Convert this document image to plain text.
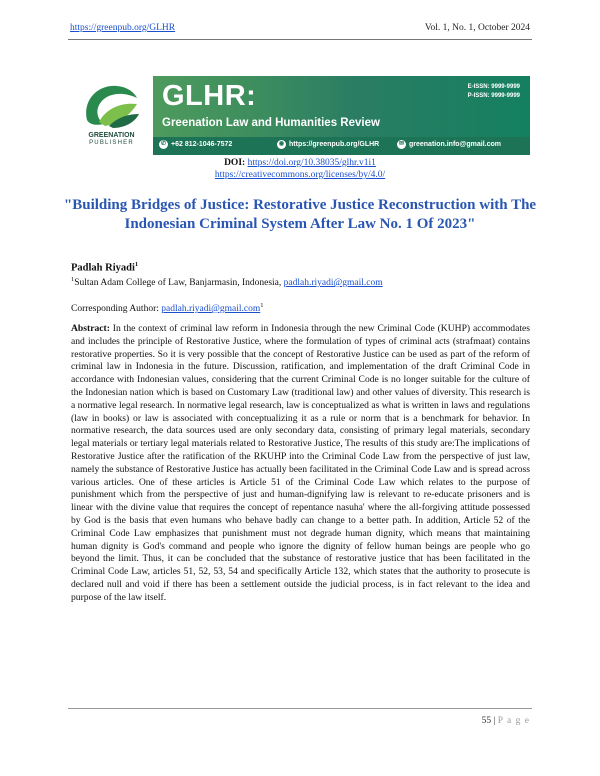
https://greenpub.org/GLHR	Vol. 1, No. 1, October 2024
GREENATION
PUBLISHER
GLHR:
Greenation Law and Humanities Review
E-ISSN: 9999-9999
P-ISSN: 9999-9999
✆ +62 812-1046-7572	◉ https://greenpub.org/GLHR	✉ greenation.info@gmail.com
DOI: https://doi.org/10.38035/glhr.v1i1
https://creativecommons.org/licenses/by/4.0/
"Building Bridges of Justice: Restorative Justice Reconstruction with The Indonesian Criminal System After Law No. 1 Of 2023"
Padlah Riyadi$^1$
$^1$Sultan Adam College of Law, Banjarmasin, Indonesia, padlah.riyadi@gmail.com
Corresponding Author: padlah.riyadi@gmail.com$^1$

Abstract: In the context of criminal law reform in Indonesia through the new Criminal Code (KUHP) accommodates and includes the principle of Restorative Justice, where the formulation of types of criminal acts (strafmaat) contains restorative properties. So it is very possible that the concept of Restorative Justice can be used as part of the reform of criminal law in Indonesia in the future. Discussion, ratification, and implementation of the draft Criminal Code in accordance with Indonesian values, considering that the current Criminal Code is no longer suitable for the culture of the Indonesian nation which is based on Customary Law (traditional law) and other values of diversity. This research is a normative legal research. In normative legal research, law is conceptualized as what is written in laws and regulations (law in books) or law is associated with conceptualizing it as a rule or norm that is a benchmark for behavior. In normative research, the data sources used are only secondary data, consisting of primary legal materials, secondary legal materials or tertiary legal materials related to Restorative Justice, The results of this study are:The implications of Restorative Justice after the ratification of the RKUHP into the Criminal Code Law from the perspective of just law, namely the substance of Restorative Justice has actually been facilitated in the Criminal Code Law and is spread across various articles. One of these articles is Article 51 of the Criminal Code Law which relates to the purpose of punishment which from the perspective of just and human-dignifying law is relevant to re-educate prisoners and is linear with the divine value that requires the concept of repentance nasuha' where the all-forgiving attitude possessed by God is the basis that even humans who behave badly can change to a better path. In addition, Article 52 of the Criminal Code Law emphasizes that punishment must not degrade human dignity, which means that maintaining human dignity is God's command and people who ignore the dignity of fellow human beings are people who go beyond the limit. Thus, it can be concluded that the substance of restorative justice that has been facilitated in the Criminal Code Law, articles 51, 52, 53, 54 and specifically Article 132, which states that the authority to prosecute is declared null and void if there has been a settlement outside the judicial process, is in fact relevant to the idea and purpose of the law itself.

55 | P a g e
